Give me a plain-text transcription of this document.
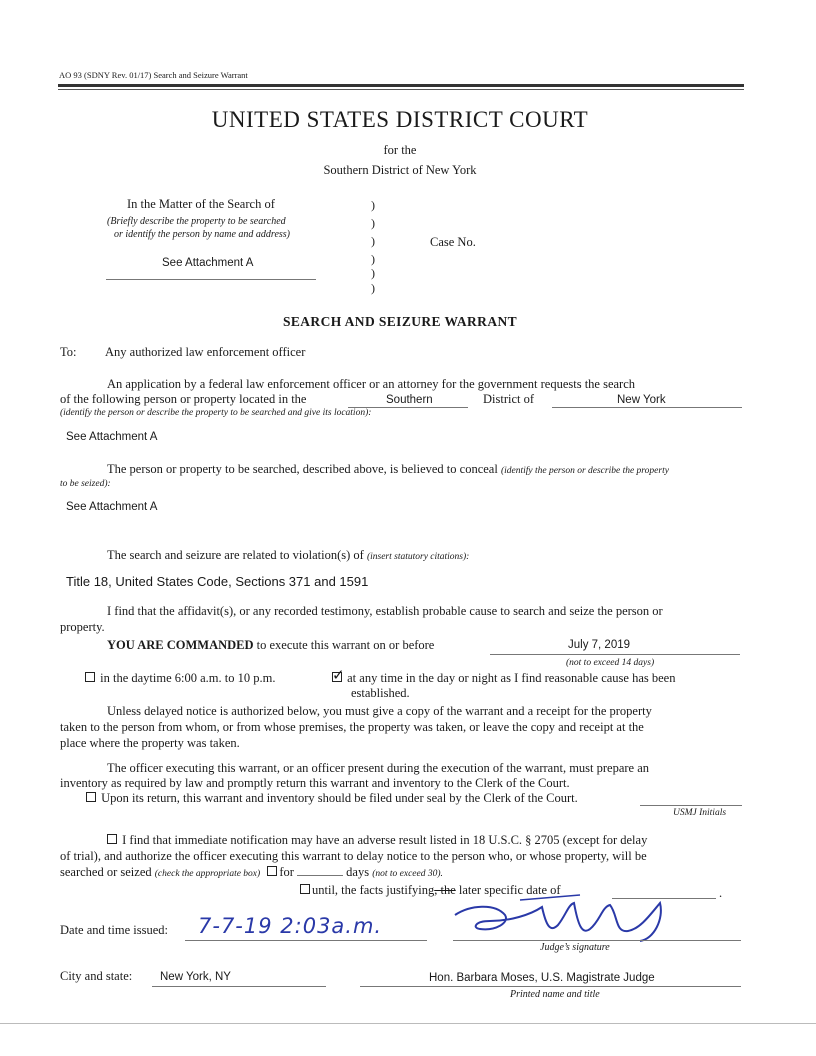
AO 93 (SDNY Rev. 01/17) Search and Seizure Warrant
UNITED STATES DISTRICT COURT
for the
Southern District of New York
In the Matter of the Search of
(Briefly describe the property to be searched
or identify the person by name and address)
See Attachment A
)
)
)
)
)
)
Case No.
SEARCH AND SEIZURE WARRANT
To: Any authorized law enforcement officer
An application by a federal law enforcement officer or an attorney for the government requests the search
of the following person or property located in the	Southern	District of	New York
(identify the person or describe the property to be searched and give its location):
See Attachment A
The person or property to be searched, described above, is believed to conceal (identify the person or describe the property
to be seized):
See Attachment A
The search and seizure are related to violation(s) of (insert statutory citations):
Title 18, United States Code, Sections 371 and 1591
I find that the affidavit(s), or any recorded testimony, establish probable cause to search and seize the person or
property.
YOU ARE COMMANDED to execute this warrant on or before	July 7, 2019
(not to exceed 14 days)
in the daytime 6:00 a.m. to 10 p.m.	✓ at any time in the day or night as I find reasonable cause has been
established.
Unless delayed notice is authorized below, you must give a copy of the warrant and a receipt for the property
taken to the person from whom, or from whose premises, the property was taken, or leave the copy and receipt at the
place where the property was taken.
The officer executing this warrant, or an officer present during the execution of the warrant, must prepare an
inventory as required by law and promptly return this warrant and inventory to the Clerk of the Court.
Upon its return, this warrant and inventory should be filed under seal by the Clerk of the Court.
USMJ Initials
I find that immediate notification may have an adverse result listed in 18 U.S.C. § 2705 (except for delay
of trial), and authorize the officer executing this warrant to delay notice to the person who, or whose property, will be
searched or seized (check the appropriate box) for	days (not to exceed 30).
until, the facts justifying, the later specific date of	.
Date and time issued: 7-7-19 2:03a.m.
Judge’s signature
City and state: New York, NY	Hon. Barbara Moses, U.S. Magistrate Judge
Printed name and title
